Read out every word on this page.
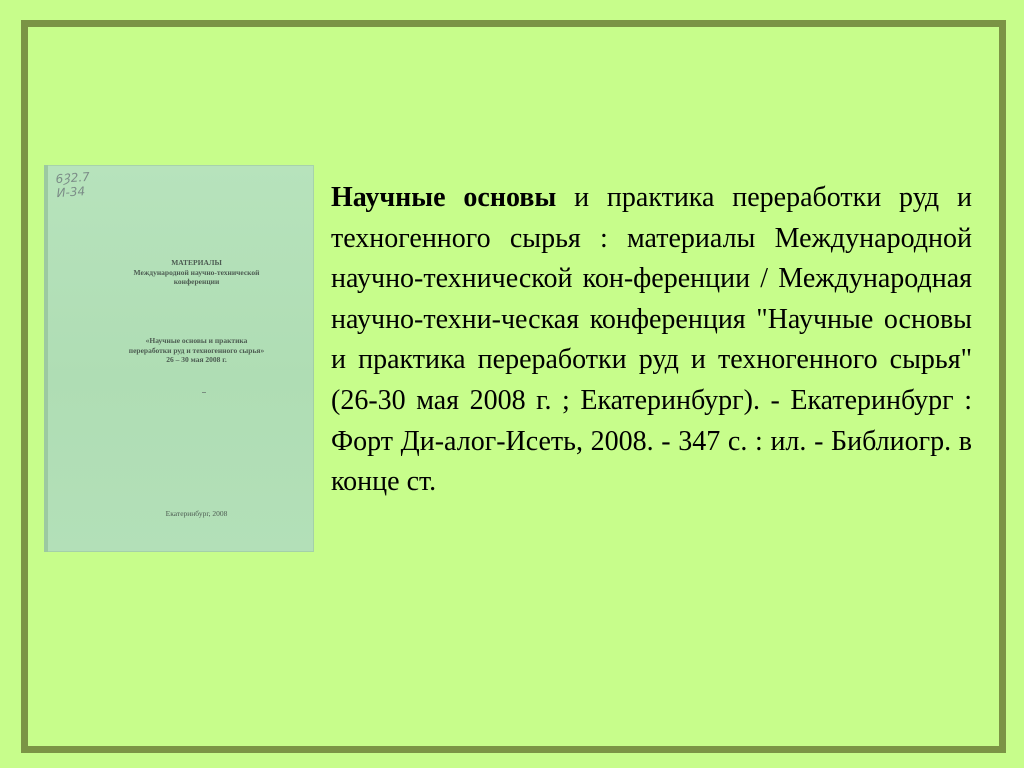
6Ȝ2.7
И-34
МАТЕРИАЛЫ
Международной научно-технической
конференции
«Научные основы и практика
переработки руд и техногенного сырья»
26 – 30 мая 2008 г.
Екатеринбург, 2008
Научные основы и практика переработки руд и техногенного сырья : материалы Международной научно-технической кон-ференции / Международная научно-техни-ческая конференция "Научные основы и практика переработки руд и техногенного сырья" (26-30 мая 2008 г. ; Екатеринбург). - Екатеринбург : Форт Ди-алог-Исеть, 2008. - 347 с. : ил. - Библиогр. в конце ст.
